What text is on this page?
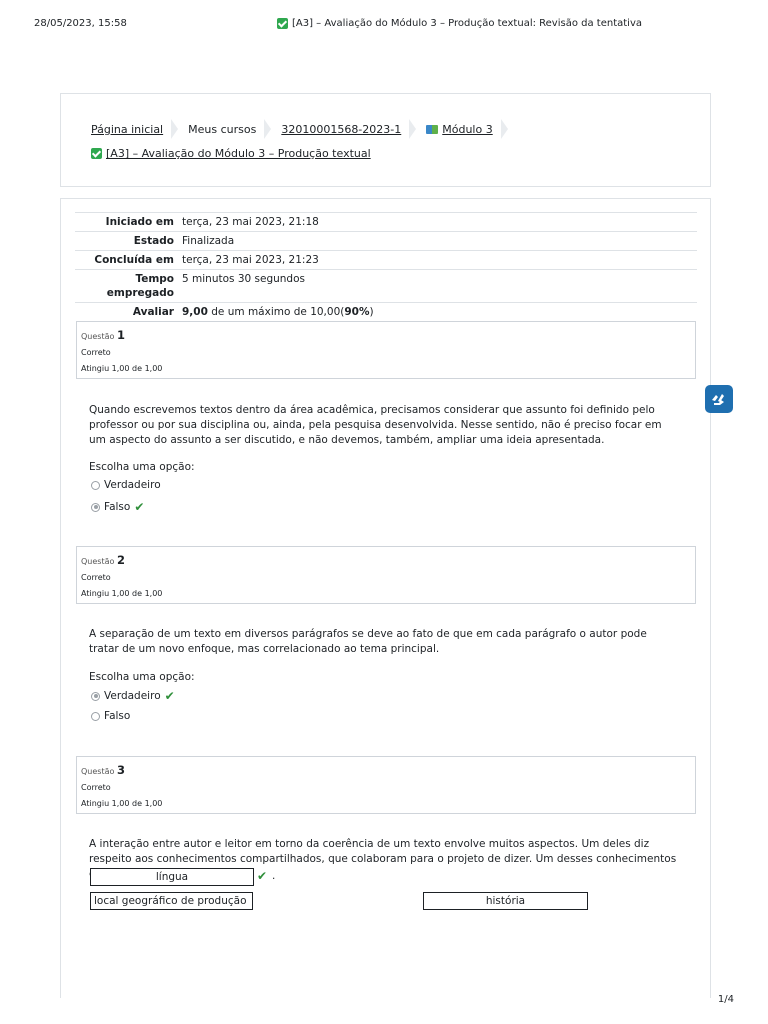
28/05/2023, 15:58	[A3] – Avaliação do Módulo 3 – Produção textual: Revisão da tentativa
Página inicial Meus cursos 32010001568-2023-1	Módulo 3
[A3] – Avaliação do Módulo 3 – Produção textual
Iniciado em	terça, 23 mai 2023, 21:18
Estado	Finalizada
Concluída em	terça, 23 mai 2023, 21:23
Tempo empregado	5 minutos 30 segundos
Avaliar	9,00 de um máximo de 10,00(90%)
Questão 1
Correto
Atingiu 1,00 de 1,00
Quando escrevemos textos dentro da área acadêmica, precisamos considerar que assunto foi definido pelo professor ou por sua disciplina ou, ainda, pela pesquisa desenvolvida. Nesse sentido, não é preciso focar em um aspecto do assunto a ser discutido, e não devemos, também, ampliar uma ideia apresentada.
Escolha uma opção:
Verdadeiro
Falso ✔
Questão 2
Correto
Atingiu 1,00 de 1,00
A separação de um texto em diversos parágrafos se deve ao fato de que em cada parágrafo o autor pode tratar de um novo enfoque, mas correlacionado ao tema principal.
Escolha uma opção:
Verdadeiro ✔
Falso
Questão 3
Correto
Atingiu 1,00 de 1,00
A interação entre autor e leitor em torno da coerência de um texto envolve muitos aspectos. Um deles diz respeito aos conhecimentos compartilhados, que colaboram para o projeto de dizer. Um desses conhecimentos
língua	✔ .
local geográfico de produção	história
1/4
